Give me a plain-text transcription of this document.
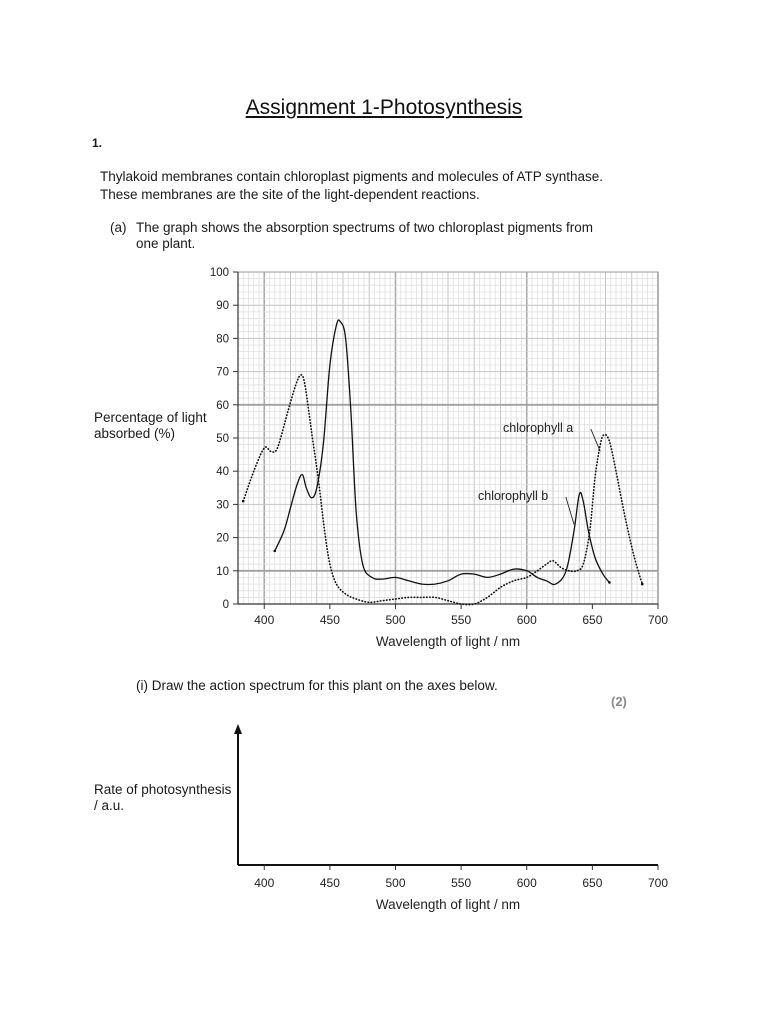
Assignment 1-Photosynthesis
1.
Thylakoid membranes contain chloroplast pigments and molecules of ATP synthase.
These membranes are the site of the light-dependent reactions.
(a) The graph shows the absorption spectrums of two chloroplast pigments from
one plant.
Percentage of light absorbed (%)
0
10
20
30
40
50
60
70
80
90
100
400	450	500	550	600	650	700
Wavelength of light / nm
chlorophyll a
chlorophyll b
(i) Draw the action spectrum for this plant on the axes below.
(2)
Rate of photosynthesis / a.u.
400	450	500	550	600	650	700
Wavelength of light / nm
